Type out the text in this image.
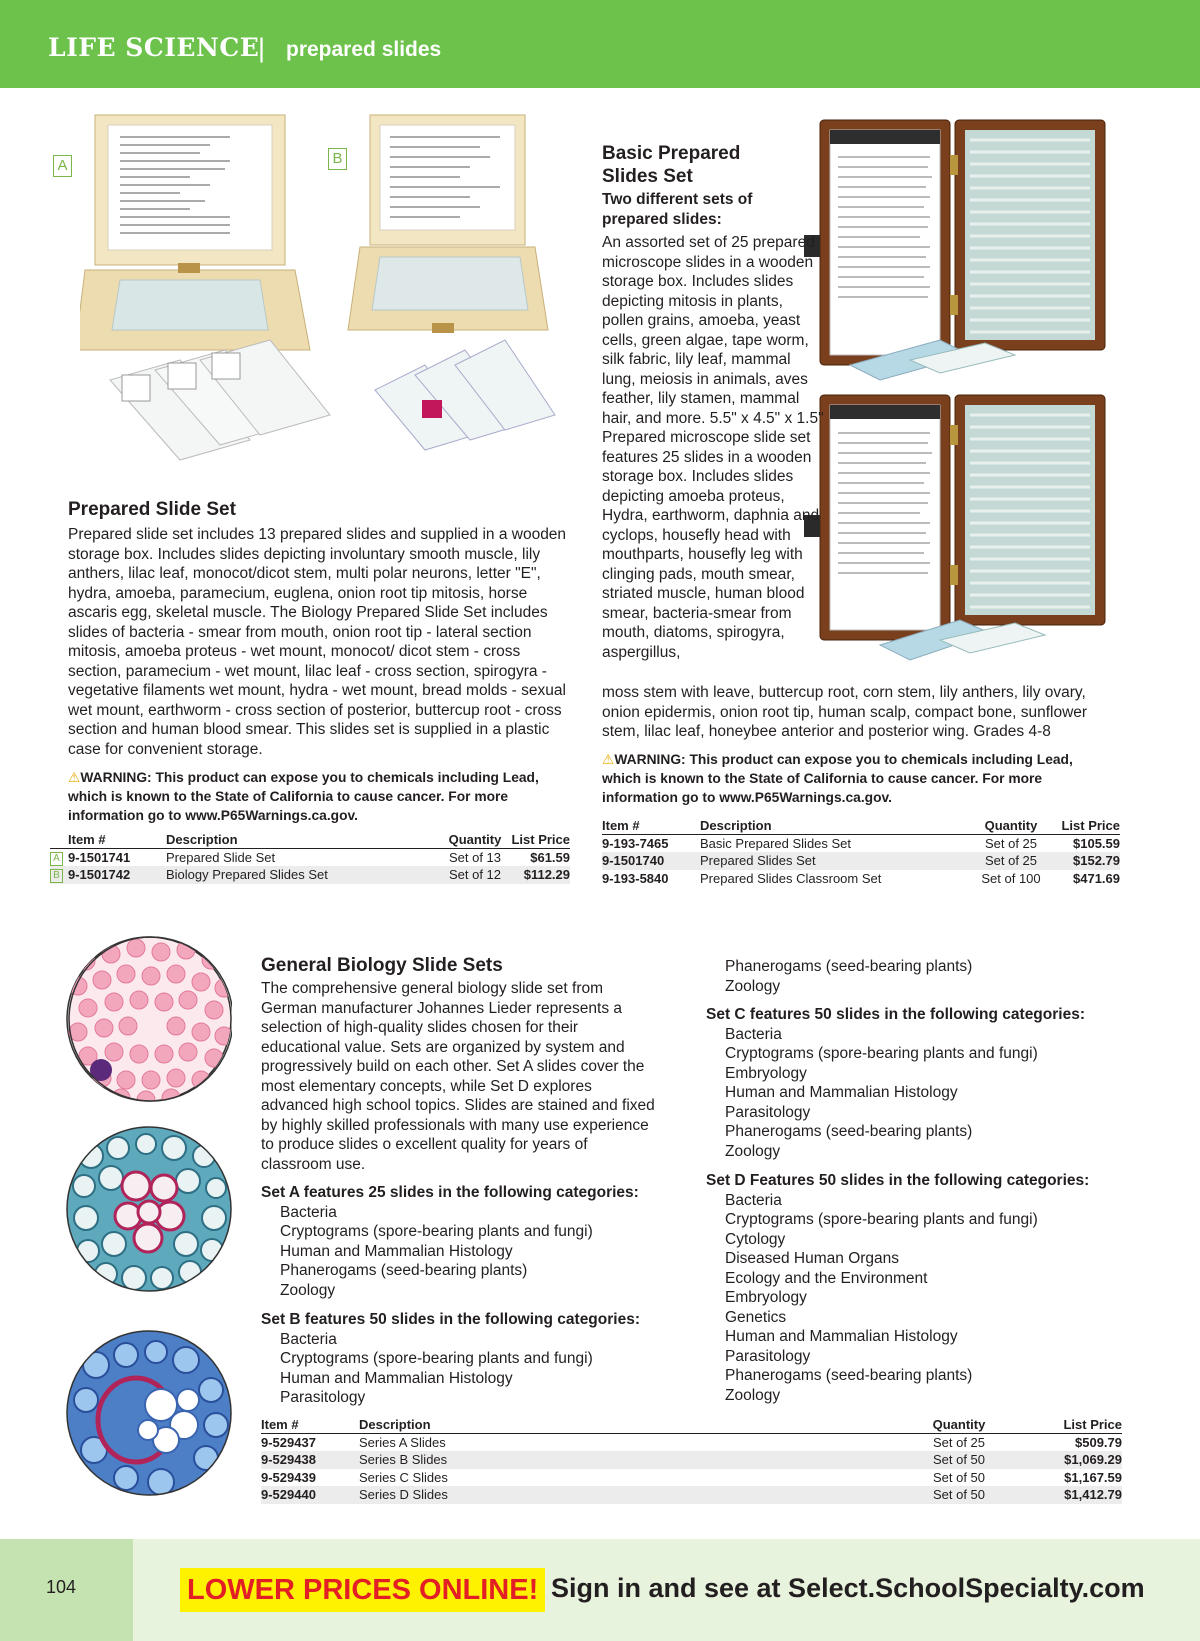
LIFE SCIENCE
| prepared slides
A	B
Prepared Slide Set

Prepared slide set includes 13 prepared slides and supplied in a wooden storage box. Includes slides depicting involuntary smooth muscle, lily anthers, lilac leaf, monocot/dicot stem, multi polar neurons, letter "E", hydra, amoeba, paramecium, euglena, onion root tip mitosis, horse ascaris egg, skeletal muscle. The Biology Prepared Slide Set includes slides of bacteria - smear from mouth, onion root tip - lateral section mitosis, amoeba proteus - wet mount, monocot/ dicot stem - cross section, paramecium - wet mount, lilac leaf - cross section, spirogyra - vegetative filaments wet mount, hydra - wet mount, bread molds - sexual wet mount, earthworm - cross section of posterior, buttercup root - cross section and human blood smear. This slides set is supplied in a plastic case for convenient storage.

⚠WARNING: This product can expose you to chemicals including Lead, which is known to the State of California to cause cancer. For more information go to www.P65Warnings.ca.gov.

	Item #	Description	Quantity	List Price
A	9-1501741	Prepared Slide Set	Set of 13	$61.59
B	9-1501742	Biology Prepared Slides Set	Set of 12	$112.29
Basic Prepared
Slides Set

Two different sets of prepared slides:

An assorted set of 25 prepared microscope slides in a wooden storage box. Includes slides depicting mitosis in plants, pollen grains, amoeba, yeast cells, green algae, tape worm, silk fabric, lily leaf, mammal lung, meiosis in animals, aves feather, lily stamen, mammal hair, and more. 5.5" x 4.5" x 1.5" Prepared microscope slide set features 25 slides in a wooden storage box. Includes slides depicting amoeba proteus, Hydra, earthworm, daphnia and cyclops, housefly head with mouthparts, housefly leg with clinging pads, mouth smear, striated muscle, human blood smear, bacteria-smear from mouth, diatoms, spirogyra, aspergillus,

moss stem with leave, buttercup root, corn stem, lily anthers, lily ovary, onion epidermis, onion root tip, human scalp, compact bone, sunflower stem, lilac leaf, honeybee anterior and posterior wing. Grades 4-8

⚠WARNING: This product can expose you to chemicals including Lead, which is known to the State of California to cause cancer. For more information go to www.P65Warnings.ca.gov.

Item #	Description	Quantity	List Price
9-193-7465	Basic Prepared Slides Set	Set of 25	$105.59
9-1501740	Prepared Slides Set	Set of 25	$152.79
9-193-5840	Prepared Slides Classroom Set	Set of 100	$471.69
General Biology Slide Sets

The comprehensive general biology slide set from German manufacturer Johannes Lieder represents a selection of high-quality slides chosen for their educational value. Sets are organized by system and progressively build on each other. Set A slides cover the most elementary concepts, while Set D explores advanced high school topics. Slides are stained and fixed by highly skilled professionals with many use experience to produce slides o excellent quality for years of classroom use.

Set A features 25 slides in the following categories:

Bacteria
Cryptograms (spore-bearing plants and fungi)
Human and Mammalian Histology
Phanerogams (seed-bearing plants)
Zoology

Set B features 50 slides in the following categories:

Bacteria
Cryptograms (spore-bearing plants and fungi)
Human and Mammalian Histology
Parasitology
Phanerogams (seed-bearing plants)
Zoology

Set C features 50 slides in the following categories:

Bacteria
Cryptograms (spore-bearing plants and fungi)
Embryology
Human and Mammalian Histology
Parasitology
Phanerogams (seed-bearing plants)
Zoology

Set D Features 50 slides in the following categories:

Bacteria
Cryptograms (spore-bearing plants and fungi)
Cytology
Diseased Human Organs
Ecology and the Environment
Embryology
Genetics
Human and Mammalian Histology
Parasitology
Phanerogams (seed-bearing plants)
Zoology
Item #	Description	Quantity	List Price
9-529437	Series A Slides	Set of 25	$509.79
9-529438	Series B Slides	Set of 50	$1,069.29
9-529439	Series C Slides	Set of 50	$1,167.59
9-529440	Series D Slides	Set of 50	$1,412.79
104	LOWER PRICES ONLINE! Sign in and see at Select.SchoolSpecialty.com
